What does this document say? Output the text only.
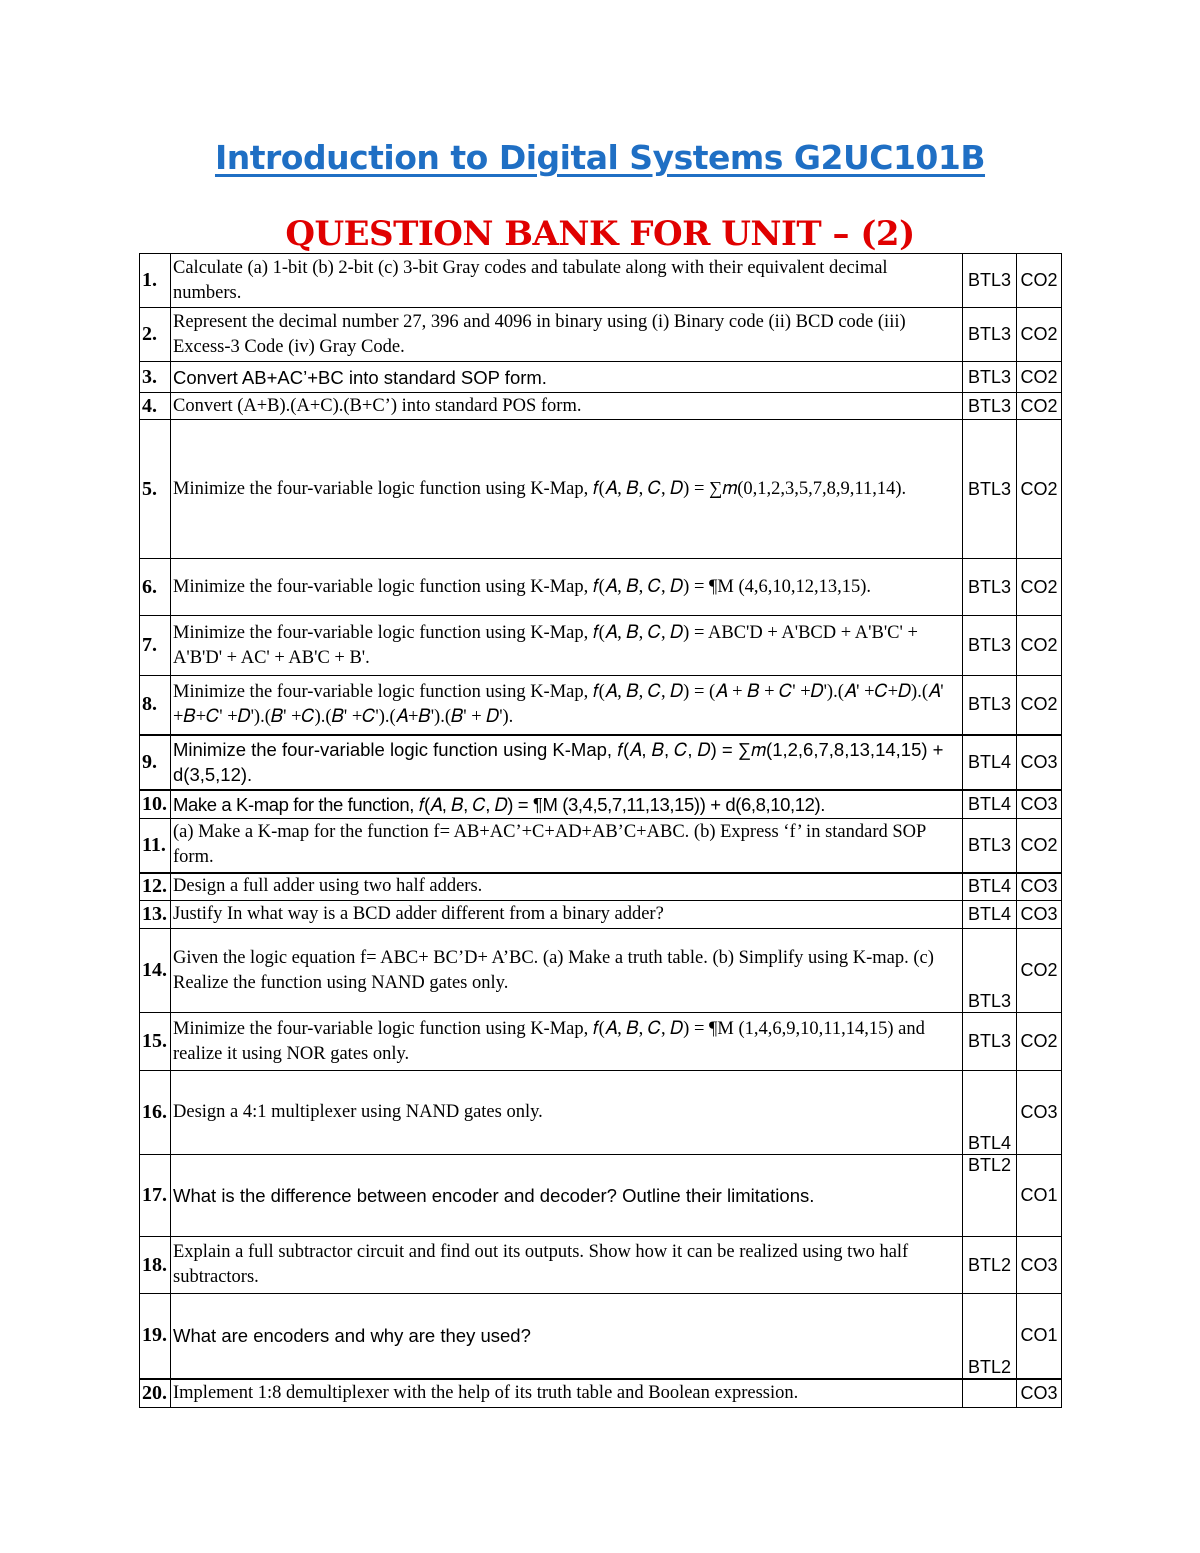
Introduction to Digital Systems G2UC101B
QUESTION BANK FOR UNIT – (2)
1.	Calculate (a) 1-bit (b) 2-bit (c) 3-bit Gray codes and tabulate along with their equivalent decimal numbers.	BTL3	CO2
2.	Represent the decimal number 27, 396 and 4096 in binary using (i) Binary code (ii) BCD code (iii) Excess-3 Code (iv) Gray Code.	BTL3	CO2
3.	Convert AB+AC’+BC into standard SOP form.	BTL3	CO2
4.	Convert (A+B).(A+C).(B+C’) into standard POS form.	BTL3	CO2
5.	Minimize the four-variable logic function using K-Map, 𝑓(𝐴, 𝐵, 𝐶, 𝐷) = ∑𝑚(0,1,2,3,5,7,8,9,11,14).	BTL3	CO2
6.	Minimize the four-variable logic function using K-Map, 𝑓(𝐴, 𝐵, 𝐶, 𝐷) = ¶M (4,6,10,12,13,15).	BTL3	CO2
7.	Minimize the four-variable logic function using K-Map, 𝑓(𝐴, 𝐵, 𝐶, 𝐷) = ABC'D + A'BCD + A'B'C' + A'B'D' + AC' + AB'C + B'.	BTL3	CO2
8.	Minimize the four-variable logic function using K-Map, 𝑓(𝐴, 𝐵, 𝐶, 𝐷) = (𝐴 + 𝐵 + 𝐶' +𝐷').(𝐴' +𝐶+𝐷).(𝐴' +𝐵+𝐶' +𝐷').(𝐵' +𝐶).(𝐵' +𝐶').(𝐴+𝐵').(𝐵' + 𝐷').	BTL3	CO2
9.	Minimize the four-variable logic function using K-Map, 𝑓(𝐴, 𝐵, 𝐶, 𝐷) = ∑𝑚(1,2,6,7,8,13,14,15) + d(3,5,12).	BTL4	CO3
10.	Make a K-map for the function, 𝑓(𝐴, 𝐵, 𝐶, 𝐷) = ¶M (3,4,5,7,11,13,15)) + d(6,8,10,12).	BTL4	CO3
11.	(a) Make a K-map for the function f= AB+AC’+C+AD+AB’C+ABC. (b) Express ‘f’ in standard SOP form.	BTL3	CO2
12.	Design a full adder using two half adders.	BTL4	CO3
13.	Justify In what way is a BCD adder different from a binary adder?	BTL4	CO3
14.	Given the logic equation f= ABC+ BC’D+ A’BC. (a) Make a truth table. (b) Simplify using K-map. (c) Realize the function using NAND gates only.	BTL3	CO2
15.	Minimize the four-variable logic function using K-Map, 𝑓(𝐴, 𝐵, 𝐶, 𝐷) = ¶M (1,4,6,9,10,11,14,15) and realize it using NOR gates only.	BTL3	CO2
16.	Design a 4:1 multiplexer using NAND gates only.	BTL4	CO3
17.	What is the difference between encoder and decoder? Outline their limitations.	BTL2	CO1
18.	Explain a full subtractor circuit and find out its outputs. Show how it can be realized using two half subtractors.	BTL2	CO3
19.	What are encoders and why are they used?	BTL2	CO1
20.	Implement 1:8 demultiplexer with the help of its truth table and Boolean expression.		CO3
